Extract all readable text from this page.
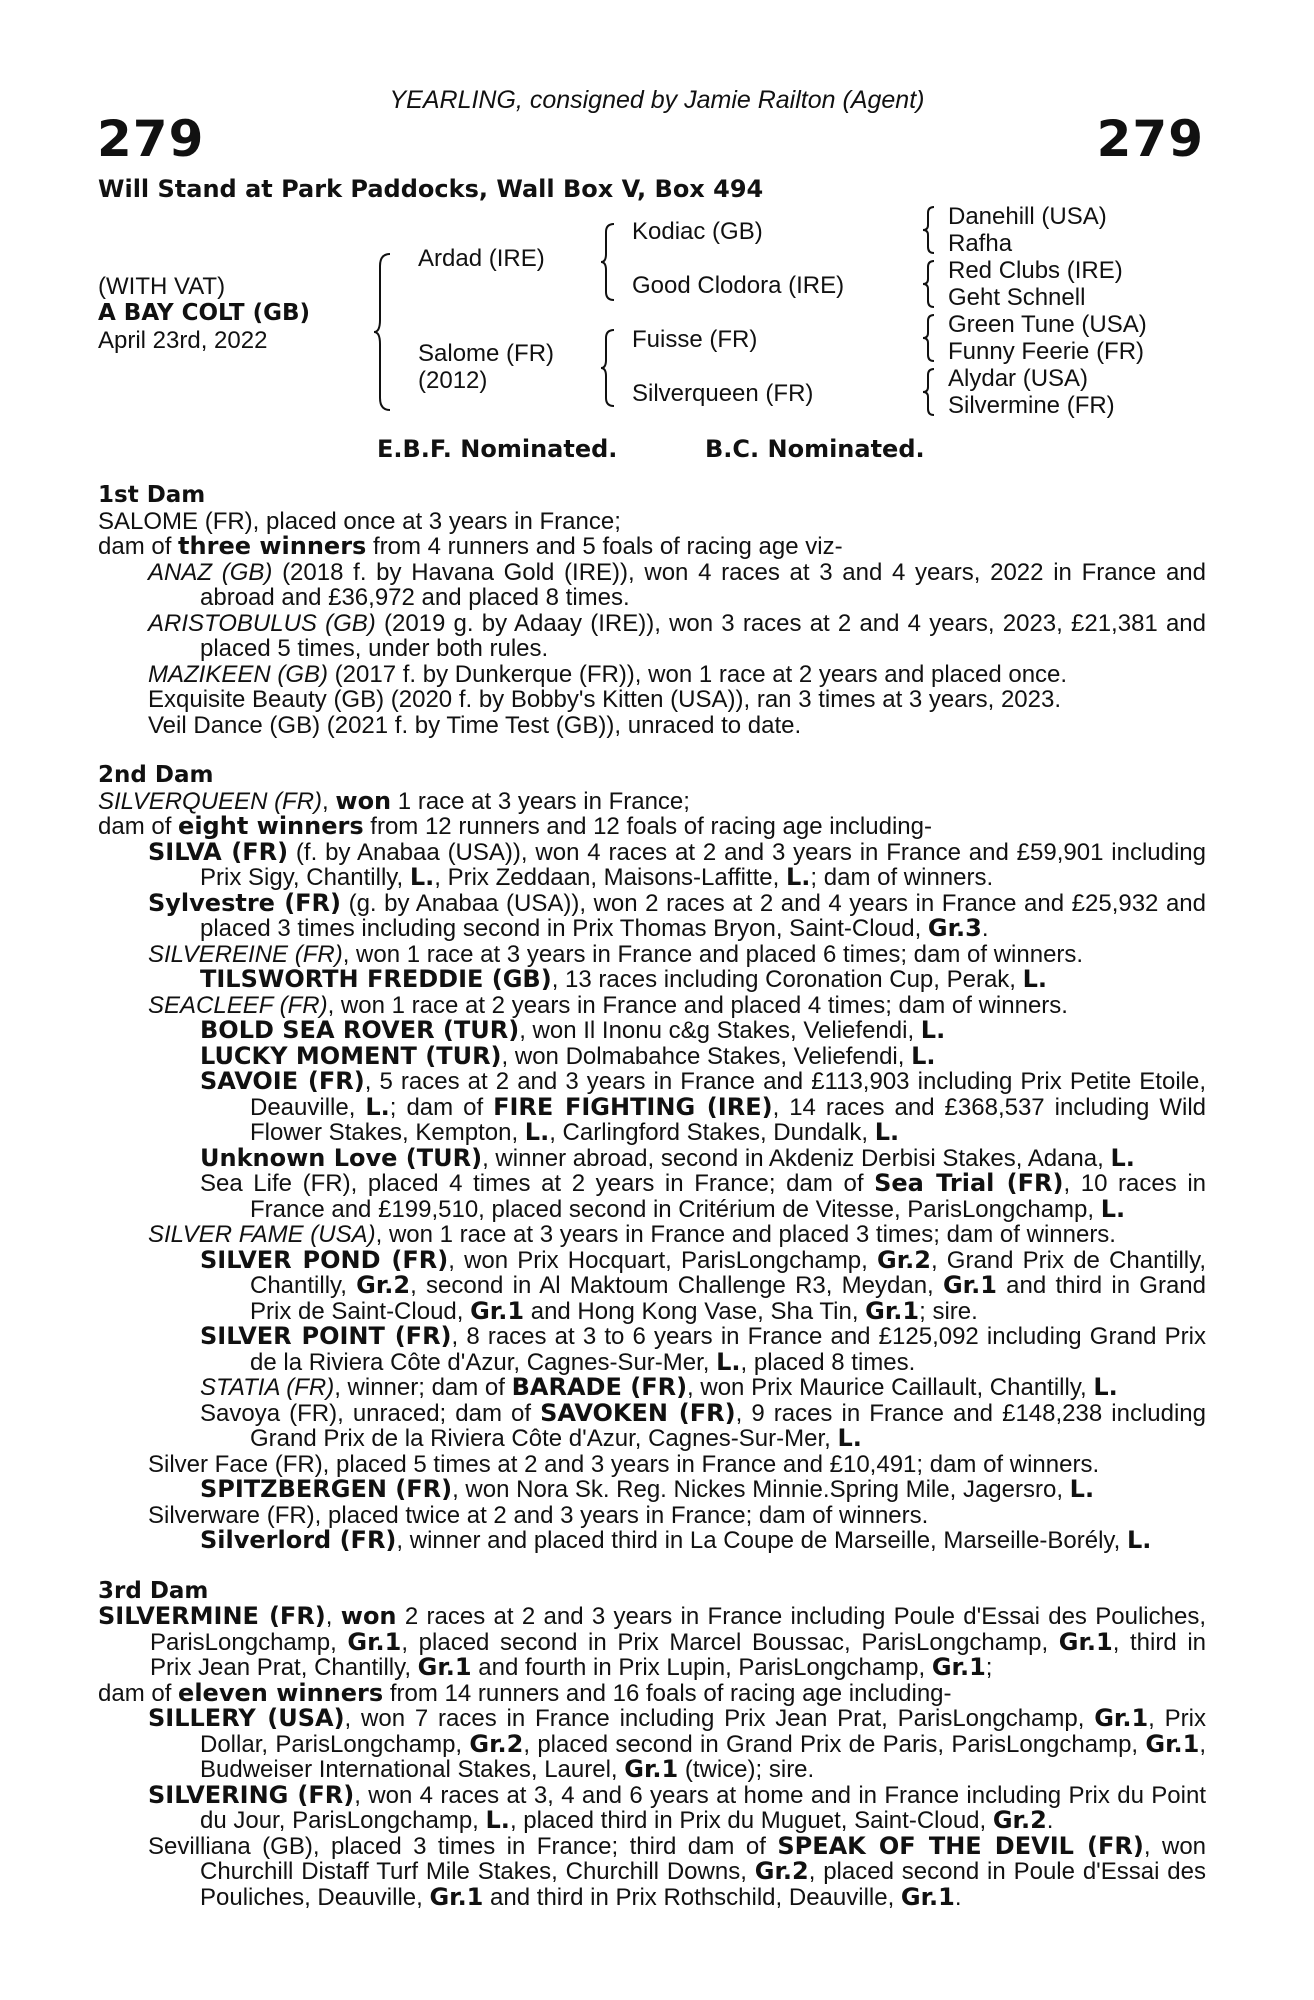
YEARLING, consigned by Jamie Railton (Agent)
279	279
Will Stand at Park Paddocks, Wall Box V, Box 494
(WITH VAT)
A BAY COLT (GB)
April 23rd, 2022
Ardad (IRE)
Salome (FR)
(2012)
Kodiac (GB)
Good Clodora (IRE)
Fuisse (FR)
Silverqueen (FR)
Danehill (USA)
Rafha
Red Clubs (IRE)
Geht Schnell
Green Tune (USA)
Funny Feerie (FR)
Alydar (USA)
Silvermine (FR)
E.B.F. Nominated.	B.C. Nominated.
1st Dam
SALOME (FR), placed once at 3 years in France;
dam of three winners from 4 runners and 5 foals of racing age viz-
ANAZ (GB) (2018 f. by Havana Gold (IRE)), won 4 races at 3 and 4 years, 2022 in France and abroad and £36,972 and placed 8 times.
ARISTOBULUS (GB) (2019 g. by Adaay (IRE)), won 3 races at 2 and 4 years, 2023, £21,381 and placed 5 times, under both rules.
MAZIKEEN (GB) (2017 f. by Dunkerque (FR)), won 1 race at 2 years and placed once.
Exquisite Beauty (GB) (2020 f. by Bobby's Kitten (USA)), ran 3 times at 3 years, 2023.
Veil Dance (GB) (2021 f. by Time Test (GB)), unraced to date.
2nd Dam
SILVERQUEEN (FR), won 1 race at 3 years in France;
dam of eight winners from 12 runners and 12 foals of racing age including-
SILVA (FR) (f. by Anabaa (USA)), won 4 races at 2 and 3 years in France and £59,901 including Prix Sigy, Chantilly, L., Prix Zeddaan, Maisons-Laffitte, L.; dam of winners.
Sylvestre (FR) (g. by Anabaa (USA)), won 2 races at 2 and 4 years in France and £25,932 and placed 3 times including second in Prix Thomas Bryon, Saint-Cloud, Gr.3.
SILVEREINE (FR), won 1 race at 3 years in France and placed 6 times; dam of winners.
TILSWORTH FREDDIE (GB), 13 races including Coronation Cup, Perak, L.
SEACLEEF (FR), won 1 race at 2 years in France and placed 4 times; dam of winners.
BOLD SEA ROVER (TUR), won Il Inonu c&g Stakes, Veliefendi, L.
LUCKY MOMENT (TUR), won Dolmabahce Stakes, Veliefendi, L.
SAVOIE (FR), 5 races at 2 and 3 years in France and £113,903 including Prix Petite Etoile, Deauville, L.; dam of FIRE FIGHTING (IRE), 14 races and £368,537 including Wild Flower Stakes, Kempton, L., Carlingford Stakes, Dundalk, L.
Unknown Love (TUR), winner abroad, second in Akdeniz Derbisi Stakes, Adana, L.
Sea Life (FR), placed 4 times at 2 years in France; dam of Sea Trial (FR), 10 races in France and £199,510, placed second in Critérium de Vitesse, ParisLongchamp, L.
SILVER FAME (USA), won 1 race at 3 years in France and placed 3 times; dam of winners.
SILVER POND (FR), won Prix Hocquart, ParisLongchamp, Gr.2, Grand Prix de Chantilly, Chantilly, Gr.2, second in Al Maktoum Challenge R3, Meydan, Gr.1 and third in Grand Prix de Saint-Cloud, Gr.1 and Hong Kong Vase, Sha Tin, Gr.1; sire.
SILVER POINT (FR), 8 races at 3 to 6 years in France and £125,092 including Grand Prix de la Riviera Côte d'Azur, Cagnes-Sur-Mer, L., placed 8 times.
STATIA (FR), winner; dam of BARADE (FR), won Prix Maurice Caillault, Chantilly, L.
Savoya (FR), unraced; dam of SAVOKEN (FR), 9 races in France and £148,238 including Grand Prix de la Riviera Côte d'Azur, Cagnes-Sur-Mer, L.
Silver Face (FR), placed 5 times at 2 and 3 years in France and £10,491; dam of winners.
SPITZBERGEN (FR), won Nora Sk. Reg. Nickes Minnie.Spring Mile, Jagersro, L.
Silverware (FR), placed twice at 2 and 3 years in France; dam of winners.
Silverlord (FR), winner and placed third in La Coupe de Marseille, Marseille-Borély, L.
3rd Dam
SILVERMINE (FR), won 2 races at 2 and 3 years in France including Poule d'Essai des Pouliches, ParisLongchamp, Gr.1, placed second in Prix Marcel Boussac, ParisLongchamp, Gr.1, third in Prix Jean Prat, Chantilly, Gr.1 and fourth in Prix Lupin, ParisLongchamp, Gr.1;
dam of eleven winners from 14 runners and 16 foals of racing age including-
SILLERY (USA), won 7 races in France including Prix Jean Prat, ParisLongchamp, Gr.1, Prix Dollar, ParisLongchamp, Gr.2, placed second in Grand Prix de Paris, ParisLongchamp, Gr.1, Budweiser International Stakes, Laurel, Gr.1 (twice); sire.
SILVERING (FR), won 4 races at 3, 4 and 6 years at home and in France including Prix du Point du Jour, ParisLongchamp, L., placed third in Prix du Muguet, Saint-Cloud, Gr.2.
Sevilliana (GB), placed 3 times in France; third dam of SPEAK OF THE DEVIL (FR), won Churchill Distaff Turf Mile Stakes, Churchill Downs, Gr.2, placed second in Poule d'Essai des Pouliches, Deauville, Gr.1 and third in Prix Rothschild, Deauville, Gr.1.
